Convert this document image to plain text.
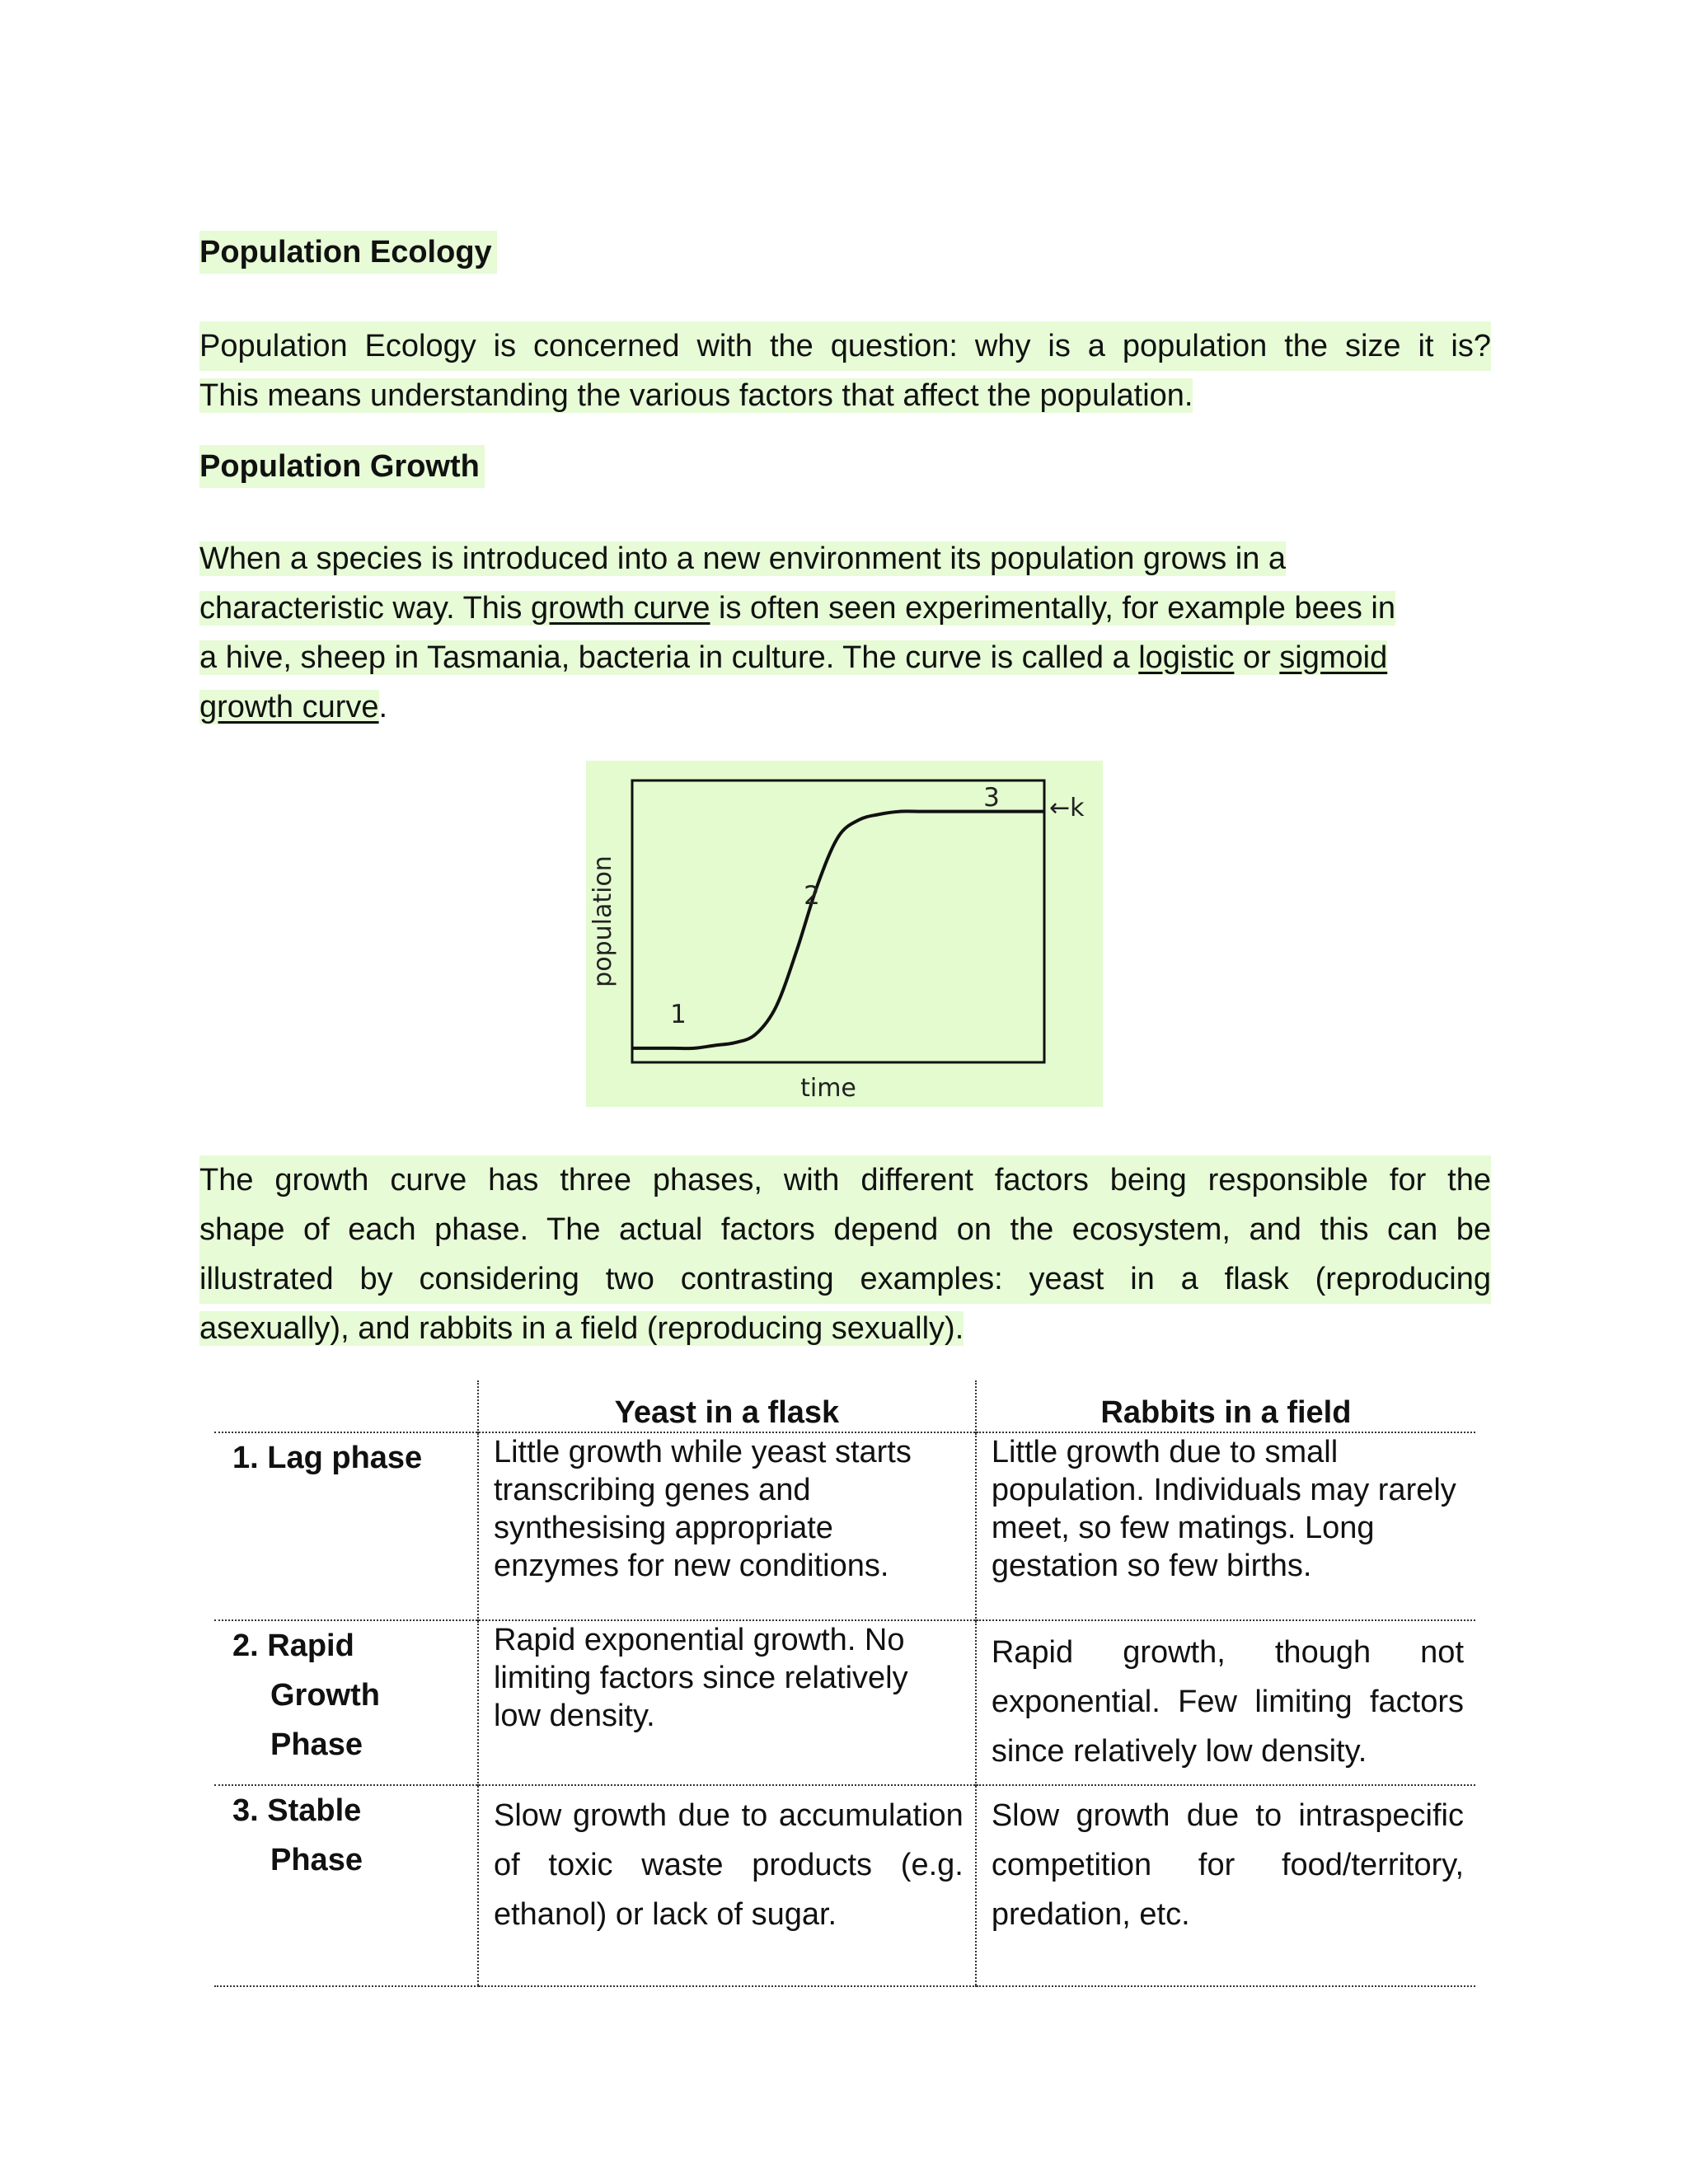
Population Ecology
Population Ecology is concerned with the question: why is a population the size it is?
This means understanding the various factors that affect the population.
Population Growth
When a species is introduced into a new environment its population grows in a
characteristic way. This growth curve is often seen experimentally, for example bees in
a hive, sheep in Tasmania, bacteria in culture. The curve is called a logistic or sigmoid
growth curve.
population
time
1
2
3 ←k
The growth curve has three phases, with different factors being responsible for the
shape of each phase. The actual factors depend on the ecosystem, and this can be
illustrated by considering two contrasting examples: yeast in a flask (reproducing
asexually), and rabbits in a field (reproducing sexually).
	Yeast in a flask	Rabbits in a field
1. Lag phase	Little growth while yeast starts transcribing genes and synthesising appropriate enzymes for new conditions.	Little growth due to small population. Individuals may rarely meet, so few matings. Long gestation so few births.

2. Rapid
Growth
Phase	Rapid exponential growth. No limiting factors since relatively low density.	Rapid growth, though not exponential. Few limiting factors since relatively low density.

3. Stable
Phase	Slow growth due to accumulation of toxic waste products (e.g. ethanol) or lack of sugar.	Slow growth due to intraspecific competition for food/territory, predation, etc.
